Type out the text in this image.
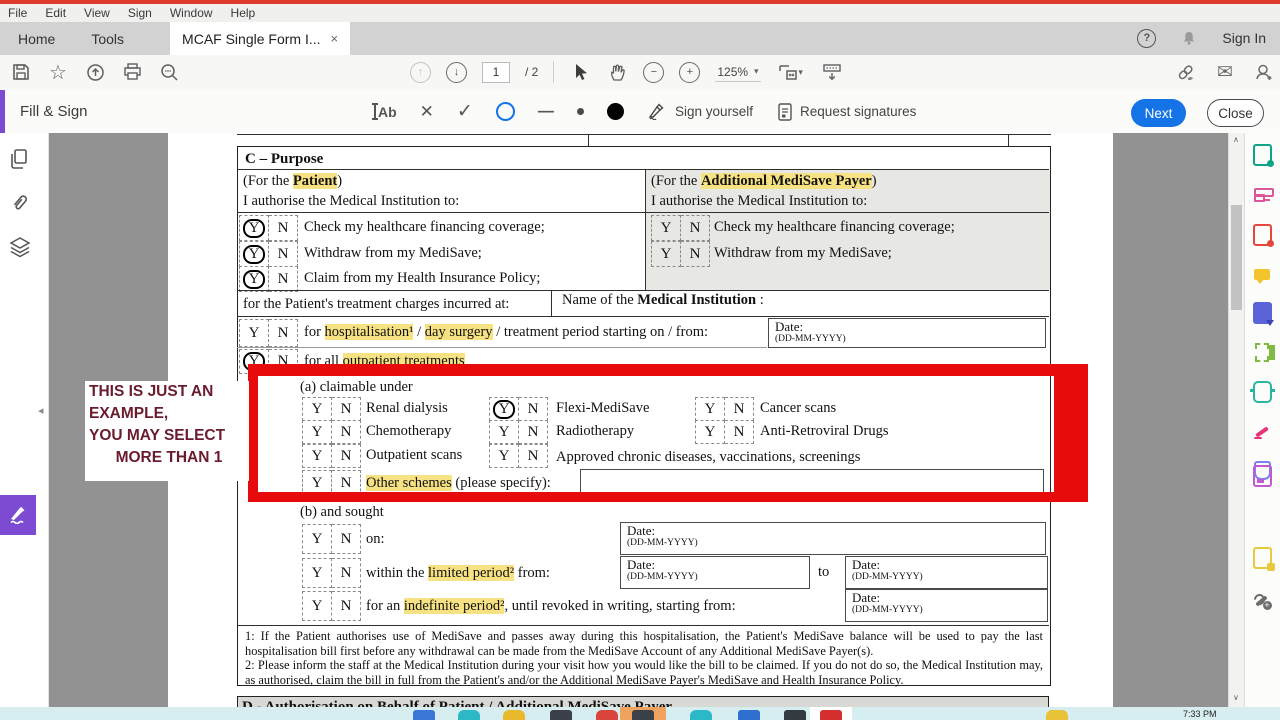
File Edit View Sign Window Help
Home	Tools	MCAF Single Form I... ×	?	Sign In
☆	↑	↓	1	/ 2	−	+	125% ▾	▾	✉
Fill & Sign	Ab ✕ ✓	—	Sign yourself	Request signatures	Next	Close
◂
C – Purpose
(For the Patient)
I authorise the Medical Institution to:
(For the Additional MediSave Payer)
I authorise the Medical Institution to:
Y	N	Check my healthcare financing coverage;
Y	N	Withdraw from my MediSave;
Y	N	Claim from my Health Insurance Policy;
Y	N Check my healthcare financing coverage;
Y	N Withdraw from my MediSave;
for the Patient's treatment charges incurred at:	Name of the Medical Institution :
Y	N	for hospitalisation¹ / day surgery / treatment period starting on / from:	Date:
(DD-MM-YYYY)
Y	N	for all outpatient treatments
(a) claimable under
Y	N	Renal dialysis	Y	N	Flexi-MediSave	Y	N	Cancer scans
Y	N	Chemotherapy	Y	N	Radiotherapy	Y	N	Anti-Retroviral Drugs
Y	N	Outpatient scans	Y	N	Approved chronic diseases, vaccinations, screenings
Y	N	Other schemes (please specify):
(b) and sought
Y	N	on:
Date:
(DD-MM-YYYY)
Y	N	within the limited period² from:
Date:
(DD-MM-YYYY)	to Date:
(DD-MM-YYYY)
Y	N	for an indefinite period², until revoked in writing, starting from:
Date:
(DD-MM-YYYY)
1: If the Patient authorises use of MediSave and passes away during this hospitalisation, the Patient's MediSave balance will be used to pay the last hospitalisation bill first before any withdrawal can be made from the MediSave Account of any Additional MediSave Payer(s).
2: Please inform the staff at the Medical Institution during your visit how you would like the bill to be claimed. If you do not do so, the Medical Institution may, as authorised, claim the bill in full from the Patient's and/or the Additional MediSave Payer's MediSave and Health Insurance Policy.
THIS IS JUST AN
EXAMPLE,
YOU MAY SELECT
MORE THAN 1
∧
∨
+
7:33 PM
